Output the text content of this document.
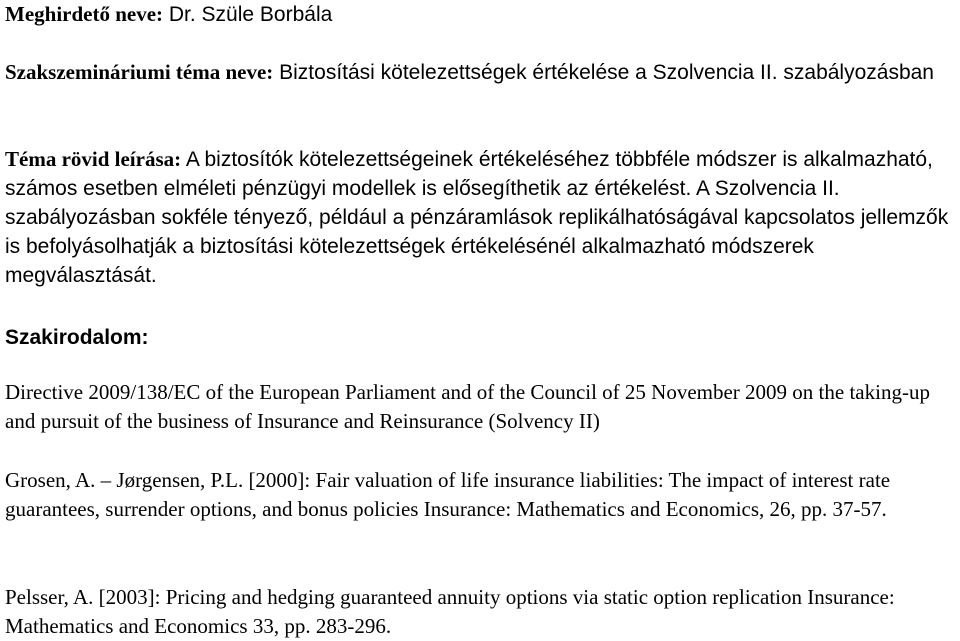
Meghirdető neve: Dr. Szüle Borbála

Szakszemináriumi téma neve: Biztosítási kötelezettségek értékelése a Szolvencia II. szabályozásban

Téma rövid leírása: A biztosítók kötelezettségeinek értékeléséhez többféle módszer is alkalmazható, számos esetben elméleti pénzügyi modellek is elősegíthetik az értékelést. A Szolvencia II. szabályozásban sokféle tényező, például a pénzáramlások replikálhatóságával kapcsolatos jellemzők is befolyásolhatják a biztosítási kötelezettségek értékelésénél alkalmazható módszerek megválasztását.

Szakirodalom:

Directive 2009/138/EC of the European Parliament and of the Council of 25 November 2009 on the taking-up and pursuit of the business of Insurance and Reinsurance (Solvency II)

Grosen, A. – Jørgensen, P.L. [2000]: Fair valuation of life insurance liabilities: The impact of interest rate guarantees, surrender options, and bonus policies Insurance: Mathematics and Economics, 26, pp. 37-57.

Pelsser, A. [2003]: Pricing and hedging guaranteed annuity options via static option replication Insurance: Mathematics and Economics 33, pp. 283-296.
